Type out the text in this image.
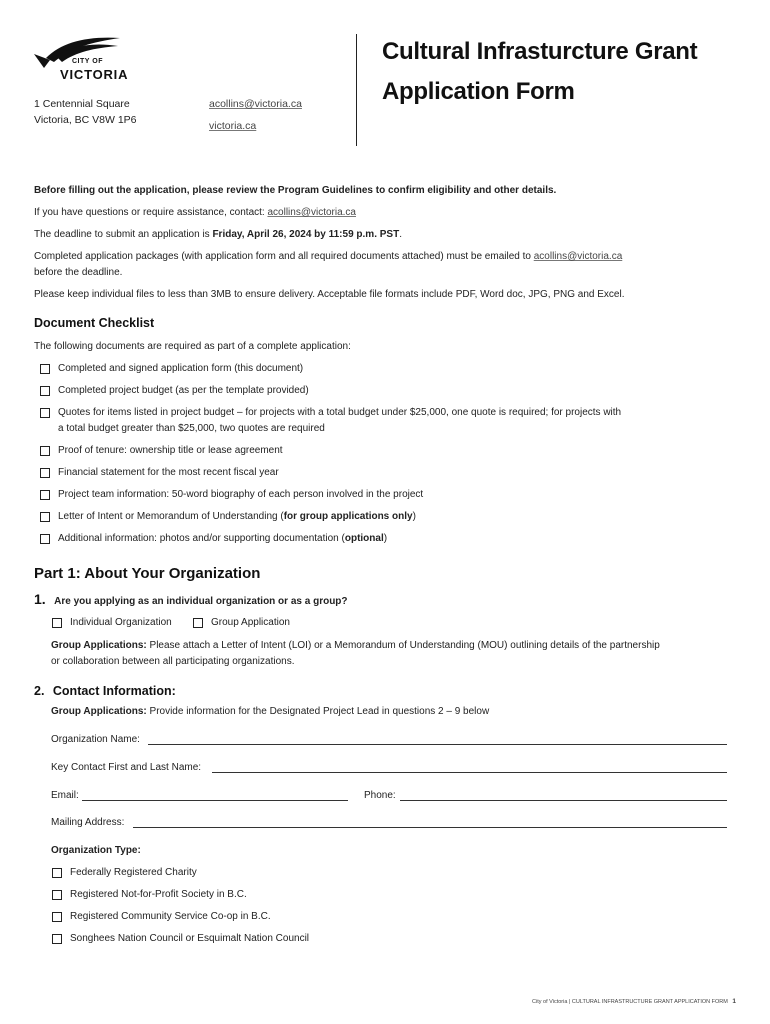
CITY OF
VICTORIA
1 Centennial Square
Victoria, BC V8W 1P6
acollins@victoria.ca
victoria.ca
Cultural Infrasturcture Grant
Application Form
Before filling out the application, please review the Program Guidelines to confirm eligibility and other details.
If you have questions or require assistance, contact: acollins@victoria.ca
The deadline to submit an application is Friday, April 26, 2024 by 11:59 p.m. PST.
Completed application packages (with application form and all required documents attached) must be emailed to acollins@victoria.ca
before the deadline.
Please keep individual files to less than 3MB to ensure delivery. Acceptable file formats include PDF, Word doc, JPG, PNG and Excel.
Document Checklist
The following documents are required as part of a complete application:
Completed and signed application form (this document)
Completed project budget (as per the template provided)
Quotes for items listed in project budget – for projects with a total budget under $25,000, one quote is required; for projects with
a total budget greater than $25,000, two quotes are required
Proof of tenure: ownership title or lease agreement
Financial statement for the most recent fiscal year
Project team information: 50-word biography of each person involved in the project
Letter of Intent or Memorandum of Understanding (for group applications only)
Additional information: photos and/or supporting documentation (optional)
Part 1: About Your Organization
1. Are you applying as an individual organization or as a group?
Individual Organization	Group Application
Group Applications: Please attach a Letter of Intent (LOI) or a Memorandum of Understanding (MOU) outlining details of the partnership
or collaboration between all participating organizations.
2. Contact Information:
Group Applications: Provide information for the Designated Project Lead in questions 2 – 9 below
Organization Name:
Key Contact First and Last Name:
Email:	Phone:
Mailing Address:
Organization Type:
Federally Registered Charity
Registered Not-for-Profit Society in B.C.
Registered Community Service Co-op in B.C.
Songhees Nation Council or Esquimalt Nation Council
City of Victoria | CULTURAL INFRASTRUCTURE GRANT APPLICATION FORM 1
